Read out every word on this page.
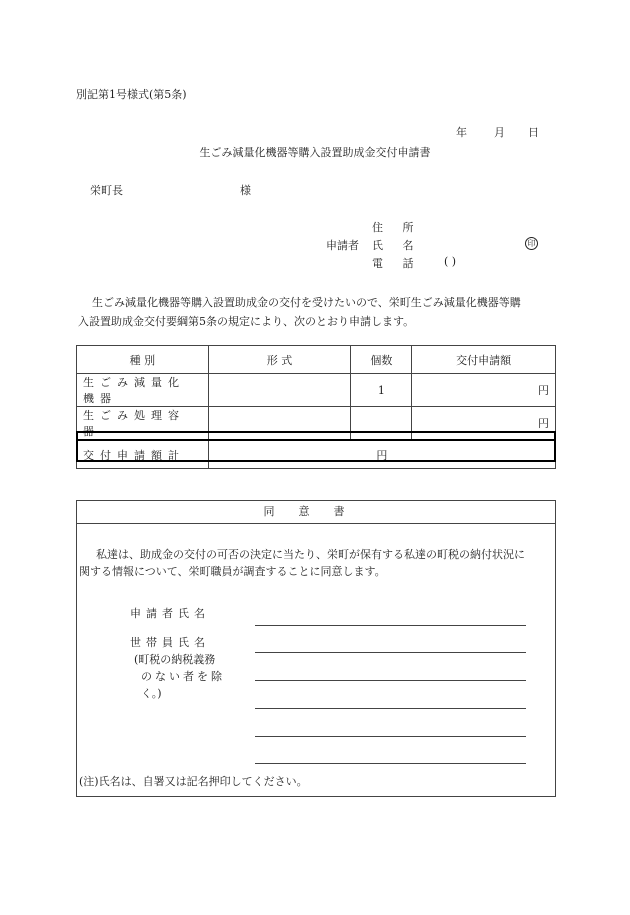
別記第1号様式(第5条)
年 月 日
生ごみ減量化機器等購入設置助成金交付申請書
栄町長	様
住 所
申請者 氏 名	印
電 話 ( )
生ごみ減量化機器等購入設置助成金の交付を受けたいので、栄町生ごみ減量化機器等購
入設置助成金交付要綱第5条の規定により、次のとおり申請します。
種 別	形 式	個数	交付申請額
生ごみ減量化機器		1	円
生ごみ処理容器			円
交付申請額計	円		
同意書
私達は、助成金の交付の可否の決定に当たり、栄町が保有する私達の町税の納付状況に
関する情報について、栄町職員が調査することに同意します。
申請者氏名
世帯員氏名
(町税の納税義務
のない者を除
く。)
(注)氏名は、自署又は記名押印してください。
